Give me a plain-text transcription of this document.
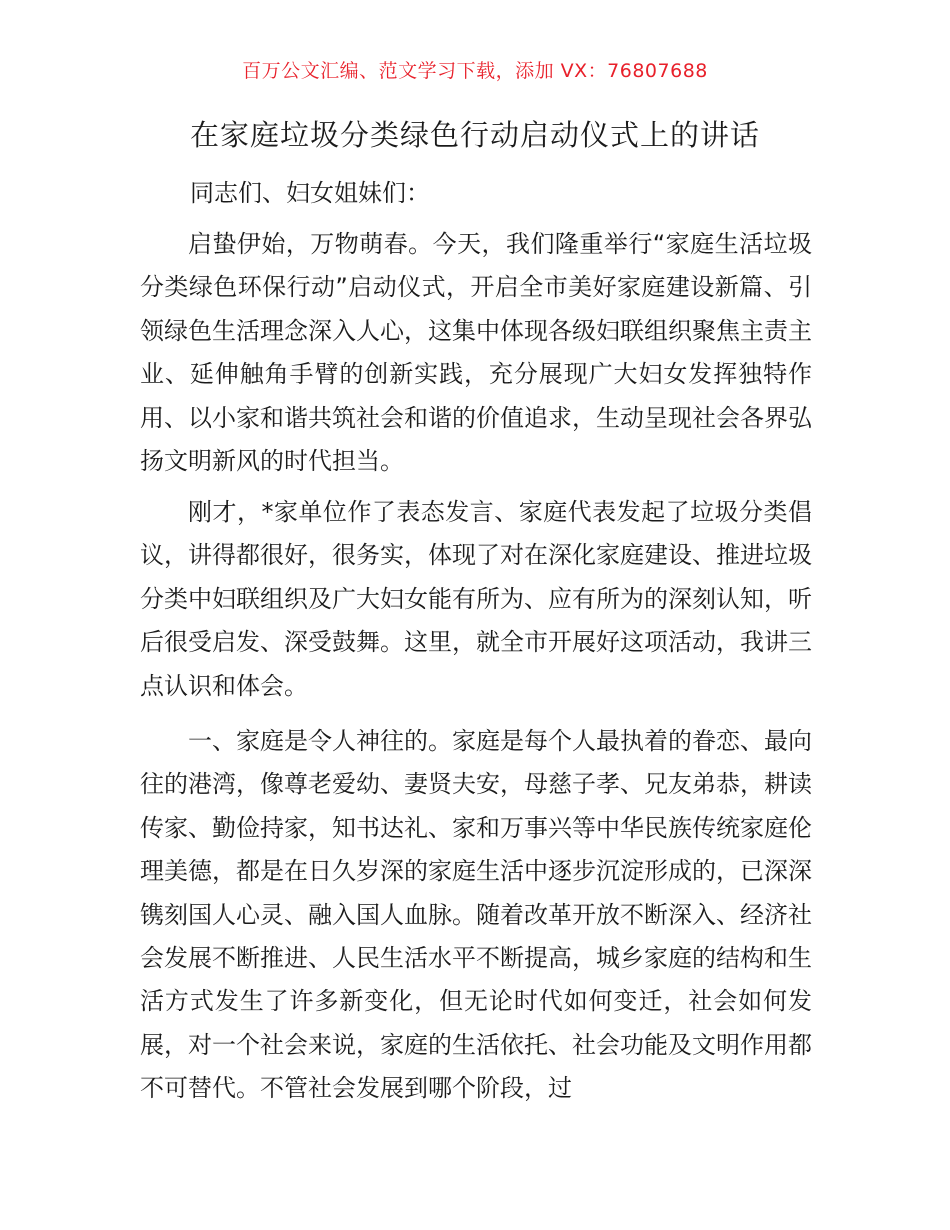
百万公文汇编、范文学习下载，添加 VX：76807688
在家庭垃圾分类绿色行动启动仪式上的讲话
同志们、妇女姐妹们：

启蛰伊始，万物萌春。今天，我们隆重举行“家庭生活垃圾分类绿色环保行动”启动仪式，开启全市美好家庭建设新篇、引领绿色生活理念深入人心，这集中体现各级妇联组织聚焦主责主业、延伸触角手臂的创新实践，充分展现广大妇女发挥独特作用、以小家和谐共筑社会和谐的价值追求，生动呈现社会各界弘扬文明新风的时代担当。

刚才，*家单位作了表态发言、家庭代表发起了垃圾分类倡议，讲得都很好，很务实，体现了对在深化家庭建设、推进垃圾分类中妇联组织及广大妇女能有所为、应有所为的深刻认知，听后很受启发、深受鼓舞。这里，就全市开展好这项活动，我讲三点认识和体会。

一、家庭是令人神往的。家庭是每个人最执着的眷恋、最向往的港湾，像尊老爱幼、妻贤夫安，母慈子孝、兄友弟恭，耕读传家、勤俭持家，知书达礼、家和万事兴等中华民族传统家庭伦理美德，都是在日久岁深的家庭生活中逐步沉淀形成的，已深深镌刻国人心灵、融入国人血脉。随着改革开放不断深入、经济社会发展不断推进、人民生活水平不断提高，城乡家庭的结构和生活方式发生了许多新变化，但无论时代如何变迁，社会如何发展，对一个社会来说，家庭的生活依托、社会功能及文明作用都不可替代。不管社会发展到哪个阶段，过
